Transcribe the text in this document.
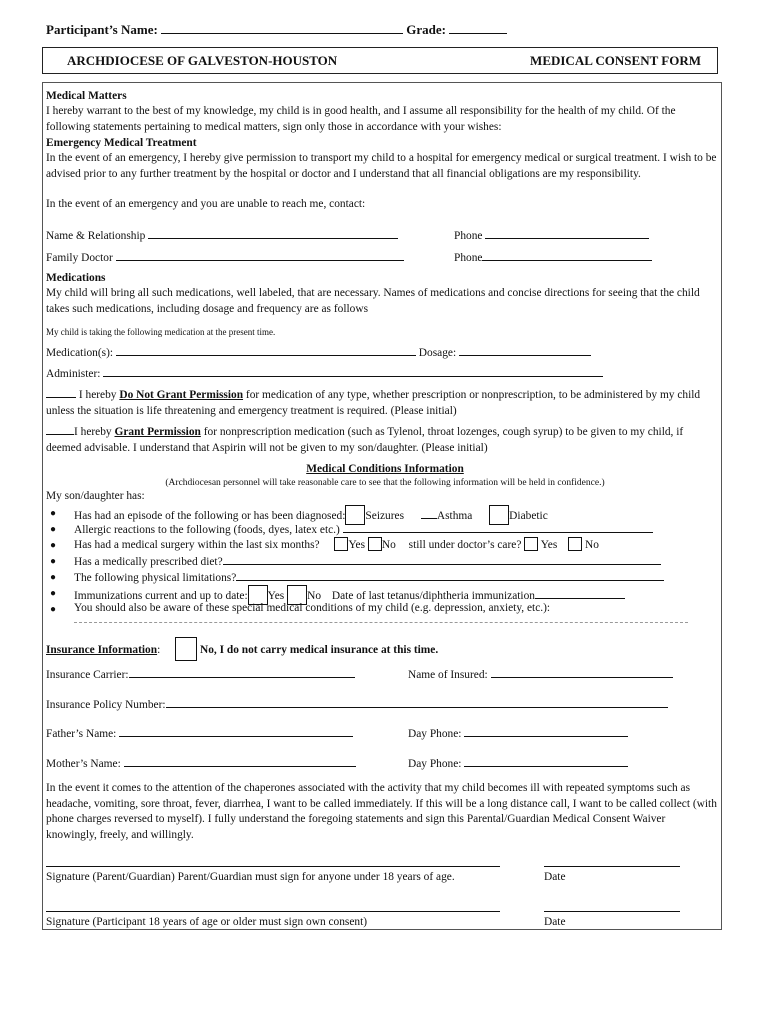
Participant’s Name:	Grade:
ARCHDIOCESE OF GALVESTON-HOUSTON	MEDICAL CONSENT FORM
Medical Matters
I hereby warrant to the best of my knowledge, my child is in good health, and I assume all responsibility for the health of my child. Of the following statements pertaining to medical matters, sign only those in accordance with your wishes:
Emergency Medical Treatment
In the event of an emergency, I hereby give permission to transport my child to a hospital for emergency medical or surgical treatment. I wish to be advised prior to any further treatment by the hospital or doctor and I understand that all financial obligations are my responsibility.
In the event of an emergency and you are unable to reach me, contact:
Name & Relationship	Phone
Family Doctor	Phone
Medications
My child will bring all such medications, well labeled, that are necessary. Names of medications and concise directions for seeing that the child takes such medications, including dosage and frequency are as follows
My child is taking the following medication at the present time.
Medication(s):	Dosage:
Administer:
I hereby Do Not Grant Permission for medication of any type, whether prescription or nonprescription, to be administered by my child unless the situation is life threatening and emergency treatment is required. (Please initial)
I hereby Grant Permission for nonprescription medication (such as Tylenol, throat lozenges, cough syrup) to be given to my child, if deemed advisable. I understand that Aspirin will not be given to my son/daughter. (Please initial)
Medical Conditions Information
(Archdiocesan personnel will take reasonable care to see that the following information will be held in confidence.)
My son/daughter has:
● Has had an episode of the following or has been diagnosed: Seizures	Asthma	Diabetic
● Allergic reactions to the following (foods, dyes, latex etc.)
● Has had a medical surgery within the last six months?	Yes No still under doctor’s care? Yes No
● Has a medically prescribed diet?
● The following physical limitations?
● Immunizations current and up to date: Yes No Date of last tetanus/diphtheria immunization
● You should also be aware of these special medical conditions of my child (e.g. depression, anxiety, etc.):
Insurance Information:	No, I do not carry medical insurance at this time.
Insurance Carrier:	Name of Insured:
Insurance Policy Number:
Father’s Name:	Day Phone:
Mother’s Name:	Day Phone:
In the event it comes to the attention of the chaperones associated with the activity that my child becomes ill with repeated symptoms such as headache, vomiting, sore throat, fever, diarrhea, I want to be called immediately. If this will be a long distance call, I want to be called collect (with phone charges reversed to myself). I fully understand the foregoing statements and sign this Parental/Guardian Medical Consent Waiver knowingly, freely, and willingly.
Signature (Parent/Guardian) Parent/Guardian must sign for anyone under 18 years of age.	Date
Signature (Participant 18 years of age or older must sign own consent)	Date
